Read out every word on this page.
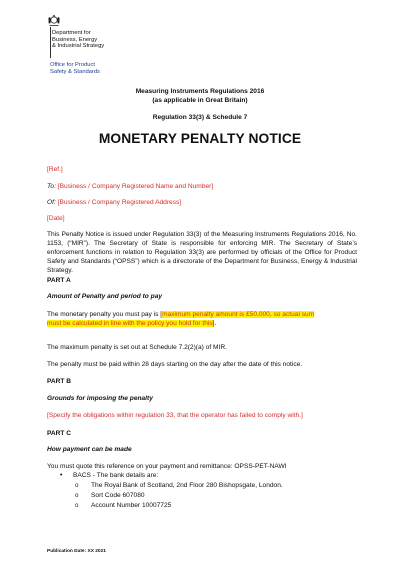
Department for
Business, Energy
& Industrial Strategy
Office for Product
Safety & Standards
Measuring Instruments Regulations 2016
(as applicable in Great Britain)
Regulation 33(3) & Schedule 7
MONETARY PENALTY NOTICE
[Ref.]
To: [Business / Company Registered Name and Number]
Of: [Business / Company Registered Address]
[Date]
This Penalty Notice is issued under Regulation 33(3) of the Measuring Instruments Regulations 2016, No. 1153, (“MIR”). The Secretary of State is responsible for enforcing MIR. The Secretary of State’s enforcement functions in relation to Regulation 33(3) are performed by officials of the Office for Product Safety and Standards (“OPSS”) which is a directorate of the Department for Business, Energy & Industrial Strategy.
PART A
Amount of Penalty and period to pay
The monetary penalty you must pay is [maximum penalty amount is £50,000, so actual sum
must be calculated in line with the policy you hold for this].
The maximum penalty is set out at Schedule 7.2(2)(a) of MIR.
The penalty must be paid within 28 days starting on the day after the date of this notice.
PART B
Grounds for imposing the penalty
[Specify the obligations within regulation 33, that the operator has failed to comply with.]
PART C
How payment can be made
You must quote this reference on your payment and remittance: OPSS-PET-NAWI
• BACS - The bank details are:
o The Royal Bank of Scotland, 2nd Floor 280 Bishopsgate, London.
o Sort Code 607080
o Account Number 10007725
Publication Date: XX 2021
